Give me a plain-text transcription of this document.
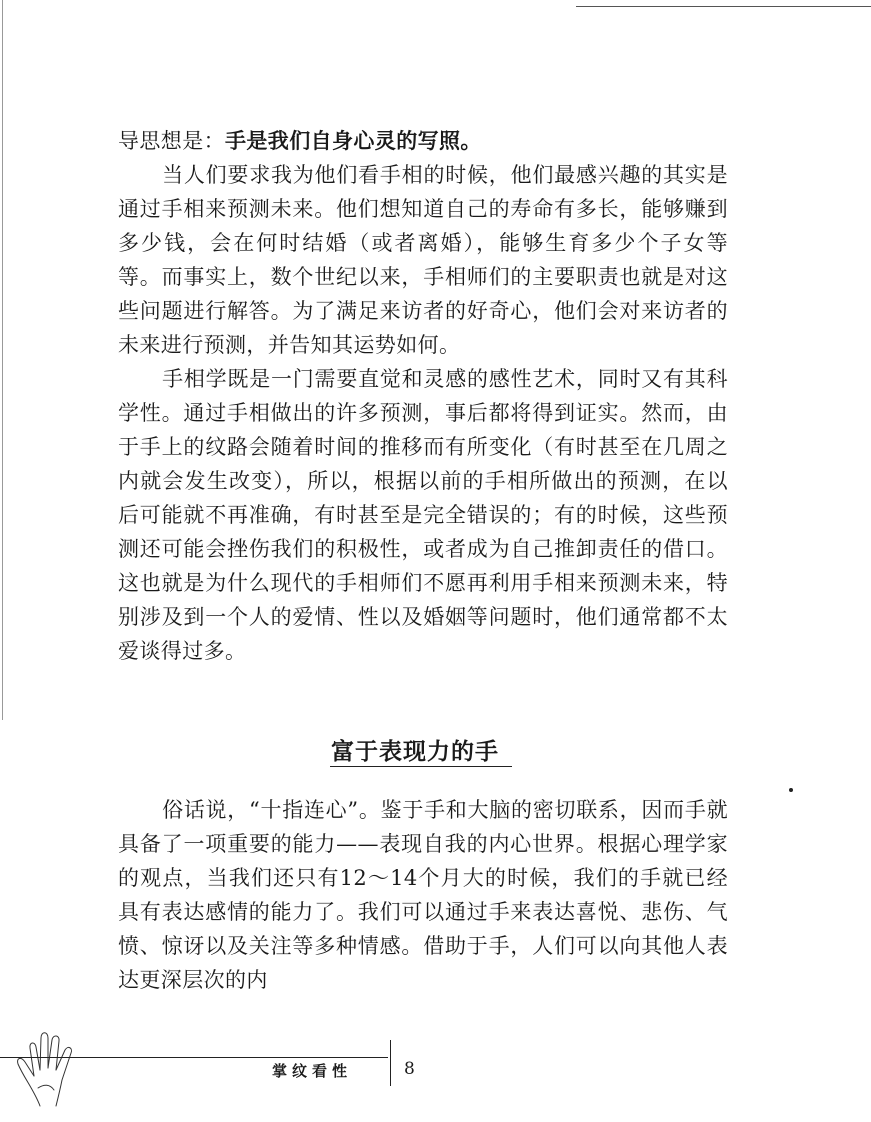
导思想是：手是我们自身心灵的写照。

当人们要求我为他们看手相的时候，他们最感兴趣的其实是通过手相来预测未来。他们想知道自己的寿命有多长，能够赚到多少钱，会在何时结婚（或者离婚），能够生育多少个子女等等。而事实上，数个世纪以来，手相师们的主要职责也就是对这些问题进行解答。为了满足来访者的好奇心，他们会对来访者的未来进行预测，并告知其运势如何。

手相学既是一门需要直觉和灵感的感性艺术，同时又有其科学性。通过手相做出的许多预测，事后都将得到证实。然而，由于手上的纹路会随着时间的推移而有所变化（有时甚至在几周之内就会发生改变），所以，根据以前的手相所做出的预测，在以后可能就不再准确，有时甚至是完全错误的；有的时候，这些预测还可能会挫伤我们的积极性，或者成为自己推卸责任的借口。这也就是为什么现代的手相师们不愿再利用手相来预测未来，特别涉及到一个人的爱情、性以及婚姻等问题时，他们通常都不太爱谈得过多。

富于表现力的手

俗话说，“十指连心”。鉴于手和大脑的密切联系，因而手就具备了一项重要的能力——表现自我的内心世界。根据心理学家的观点，当我们还只有12～14个月大的时候，我们的手就已经具有表达感情的能力了。我们可以通过手来表达喜悦、悲伤、气愤、惊讶以及关注等多种情感。借助于手，人们可以向其他人表达更深层次的内

掌纹看性	8
